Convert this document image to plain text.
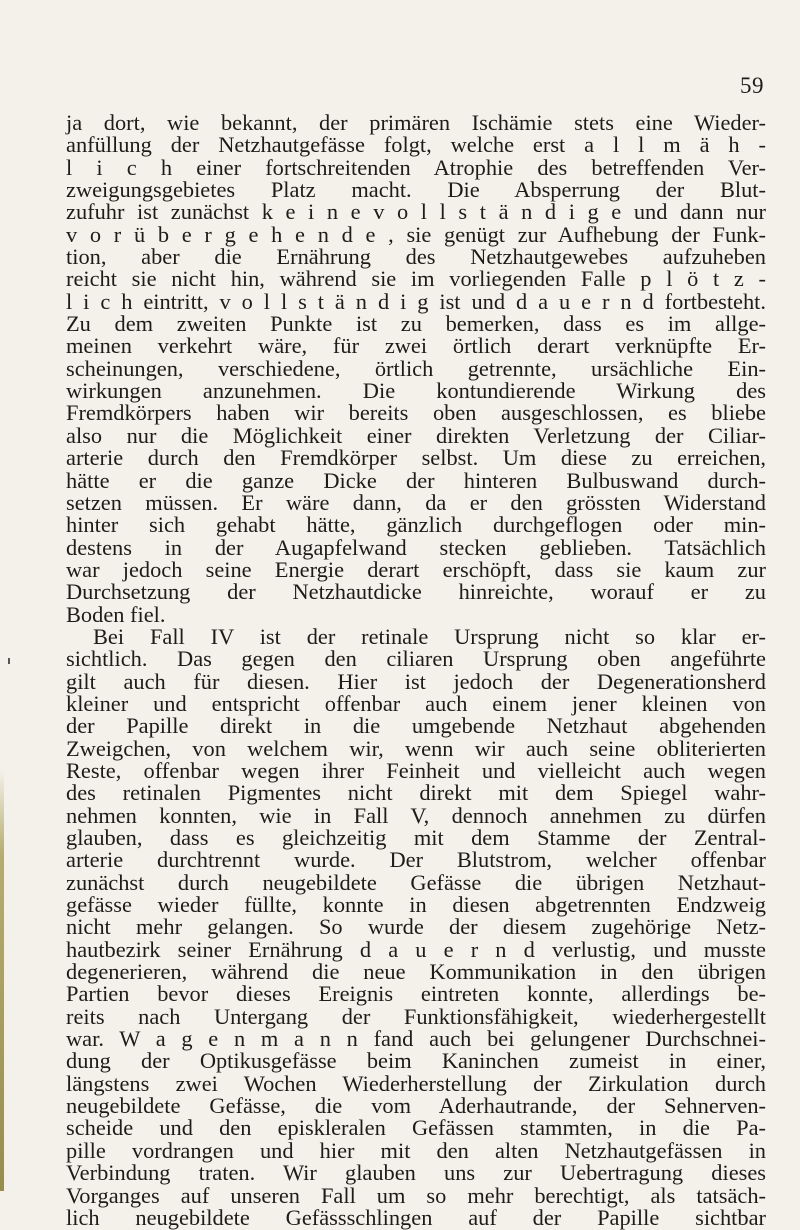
59
ja dort, wie bekannt, der primären Ischämie stets eine Wieder-
anfüllung der Netzhautgefässe folgt, welche erst a l l m ä h -
l i c h einer fortschreitenden Atrophie des betreffenden Ver-
zweigungsgebietes Platz macht. Die Absperrung der Blut-
zufuhr ist zunächst k e i n e v o l l s t ä n d i g e und dann nur
v o r ü b e r g e h e n d e , sie genügt zur Aufhebung der Funk-
tion, aber die Ernährung des Netzhautgewebes aufzuheben
reicht sie nicht hin, während sie im vorliegenden Falle p l ö t z -
l i c h eintritt, v o l l s t ä n d i g ist und d a u e r n d fortbesteht.
Zu dem zweiten Punkte ist zu bemerken, dass es im allge-
meinen verkehrt wäre, für zwei örtlich derart verknüpfte Er-
scheinungen, verschiedene, örtlich getrennte, ursächliche Ein-
wirkungen anzunehmen. Die kontundierende Wirkung des
Fremdkörpers haben wir bereits oben ausgeschlossen, es bliebe
also nur die Möglichkeit einer direkten Verletzung der Ciliar-
arterie durch den Fremdkörper selbst. Um diese zu erreichen,
hätte er die ganze Dicke der hinteren Bulbuswand durch-
setzen müssen. Er wäre dann, da er den grössten Widerstand
hinter sich gehabt hätte, gänzlich durchgeflogen oder min-
destens in der Augapfelwand stecken geblieben. Tatsächlich
war jedoch seine Energie derart erschöpft, dass sie kaum zur
Durchsetzung der Netzhautdicke hinreichte, worauf er zu
Boden fiel.
Bei Fall IV ist der retinale Ursprung nicht so klar er-
sichtlich. Das gegen den ciliaren Ursprung oben angeführte
gilt auch für diesen. Hier ist jedoch der Degenerationsherd
kleiner und entspricht offenbar auch einem jener kleinen von
der Papille direkt in die umgebende Netzhaut abgehenden
Zweigchen, von welchem wir, wenn wir auch seine obliterierten
Reste, offenbar wegen ihrer Feinheit und vielleicht auch wegen
des retinalen Pigmentes nicht direkt mit dem Spiegel wahr-
nehmen konnten, wie in Fall V, dennoch annehmen zu dürfen
glauben, dass es gleichzeitig mit dem Stamme der Zentral-
arterie durchtrennt wurde. Der Blutstrom, welcher offenbar
zunächst durch neugebildete Gefässe die übrigen Netzhaut-
gefässe wieder füllte, konnte in diesen abgetrennten Endzweig
nicht mehr gelangen. So wurde der diesem zugehörige Netz-
hautbezirk seiner Ernährung d a u e r n d verlustig, und musste
degenerieren, während die neue Kommunikation in den übrigen
Partien bevor dieses Ereignis eintreten konnte, allerdings be-
reits nach Untergang der Funktionsfähigkeit, wiederhergestellt
war. W a g e n m a n n fand auch bei gelungener Durchschnei-
dung der Optikusgefässe beim Kaninchen zumeist in einer,
längstens zwei Wochen Wiederherstellung der Zirkulation durch
neugebildete Gefässe, die vom Aderhautrande, der Sehnerven-
scheide und den episkleralen Gefässen stammten, in die Pa-
pille vordrangen und hier mit den alten Netzhautgefässen in
Verbindung traten. Wir glauben uns zur Uebertragung dieses
Vorganges auf unseren Fall um so mehr berechtigt, als tatsäch-
lich neugebildete Gefässschlingen auf der Papille sichtbar
